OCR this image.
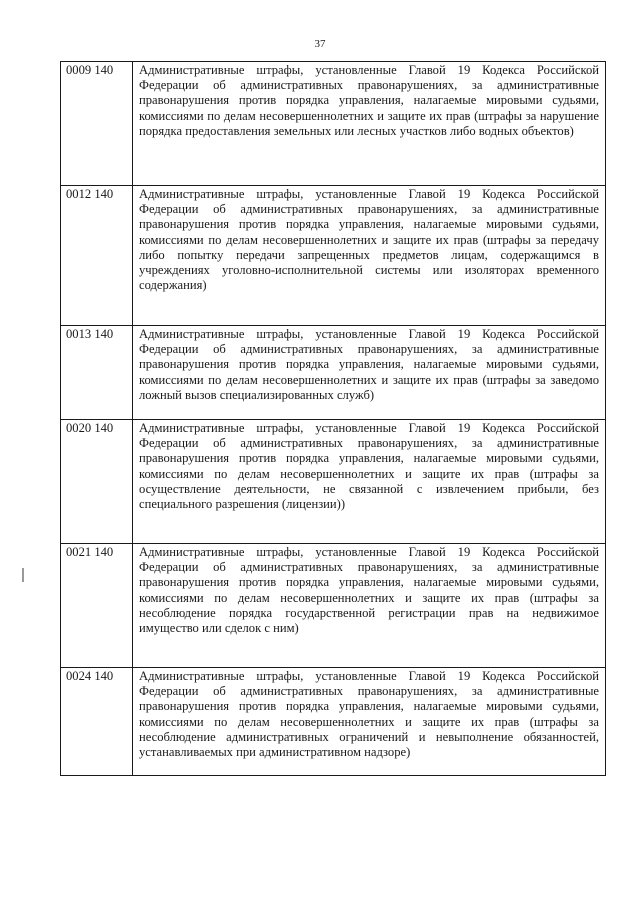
37
0009 140	Административные штрафы, установленные Главой 19 Кодекса Российской Федерации об административных правонарушениях, за административные правонарушения против порядка управления, налагаемые мировыми судьями, комиссиями по делам несовершеннолетних и защите их прав (штрафы за нарушение порядка предоставления земельных или лесных участков либо водных объектов)
0012 140	Административные штрафы, установленные Главой 19 Кодекса Российской Федерации об административных правонарушениях, за административные правонарушения против порядка управления, налагаемые мировыми судьями, комиссиями по делам несовершеннолетних и защите их прав (штрафы за передачу либо попытку передачи запрещенных предметов лицам, содержащимся в учреждениях уголовно-исполнительной системы или изоляторах временного содержания)
0013 140	Административные штрафы, установленные Главой 19 Кодекса Российской Федерации об административных правонарушениях, за административные правонарушения против порядка управления, налагаемые мировыми судьями, комиссиями по делам несовершеннолетних и защите их прав (штрафы за заведомо ложный вызов специализированных служб)
0020 140	Административные штрафы, установленные Главой 19 Кодекса Российской Федерации об административных правонарушениях, за административные правонарушения против порядка управления, налагаемые мировыми судьями, комиссиями по делам несовершеннолетних и защите их прав (штрафы за осуществление деятельности, не связанной с извлечением прибыли, без специального разрешения (лицензии))
0021 140	Административные штрафы, установленные Главой 19 Кодекса Российской Федерации об административных правонарушениях, за административные правонарушения против порядка управления, налагаемые мировыми судьями, комиссиями по делам несовершеннолетних и защите их прав (штрафы за несоблюдение порядка государственной регистрации прав на недвижимое имущество или сделок с ним)
0024 140	Административные штрафы, установленные Главой 19 Кодекса Российской Федерации об административных правонарушениях, за административные правонарушения против порядка управления, налагаемые мировыми судьями, комиссиями по делам несовершеннолетних и защите их прав (штрафы за несоблюдение административных ограничений и невыполнение обязанностей, устанавливаемых при административном надзоре)
